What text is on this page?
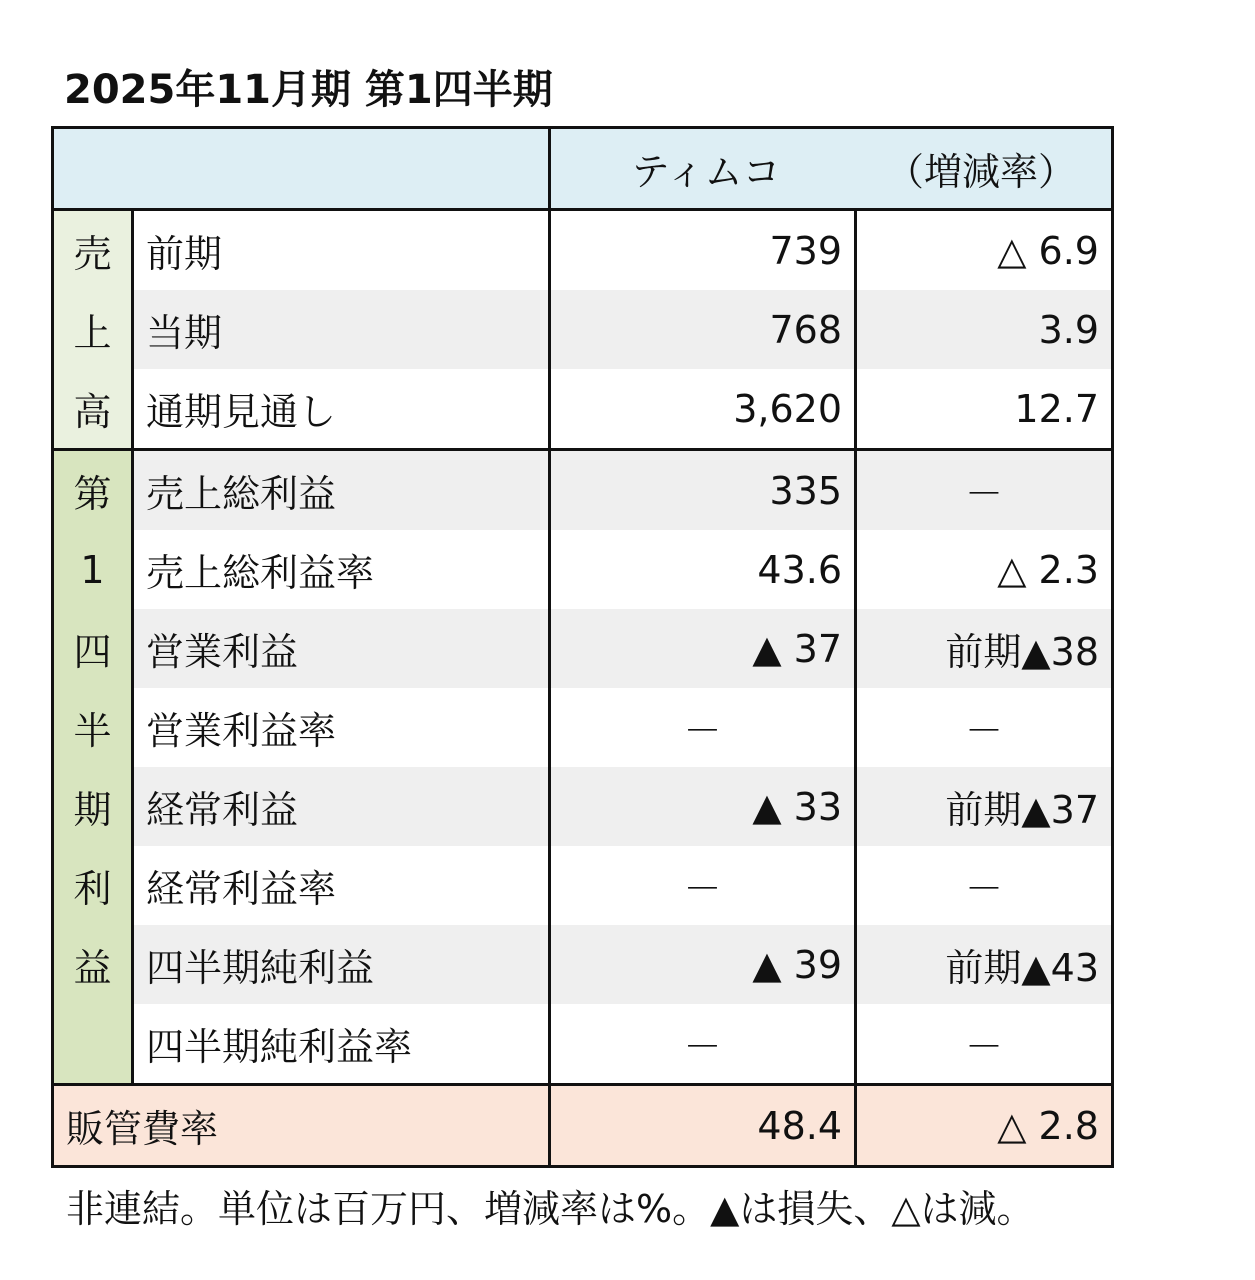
2025年11月期 第1四半期
		ティムコ （増減率）	
売	前期	739	△ 6.9
上	当期	768	3.9
高	通期見通し	3,620	12.7
第	売上総利益	335	－
1	売上総利益率	43.6	△ 2.3
四	営業利益	▲ 37	前期▲38
半	営業利益率	－	－
期	経常利益	▲ 33	前期▲37
利	経常利益率	－	－
益	四半期純利益	▲ 39	前期▲43
	四半期純利益率	－	－
販管費率		48.4	△ 2.8
非連結。単位は百万円、増減率は%。▲は損失、△は減。
